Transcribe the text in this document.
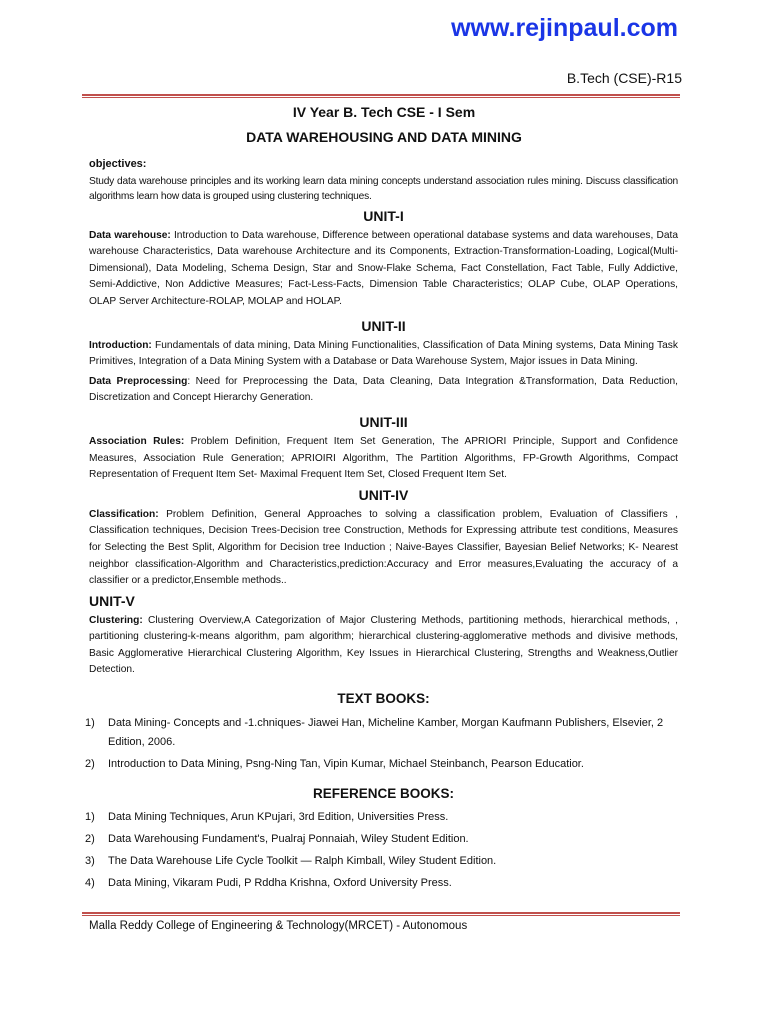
www.rejinpaul.com
B.Tech (CSE)-R15
IV Year B. Tech CSE - I Sem
DATA WAREHOUSING AND DATA MINING
objectives:

Study data warehouse principles and its working learn data mining concepts understand association rules mining. Discuss classification algorithms learn how data is grouped using clustering techniques.

UNIT-I

Data warehouse: Introduction to Data warehouse, Difference between operational database systems and data warehouses, Data warehouse Characteristics, Data warehouse Architecture and its Components, Extraction-Transformation-Loading, Logical(Multi-Dimensional), Data Modeling, Schema Design, Star and Snow-Flake Schema, Fact Constellation, Fact Table, Fully Addictive, Semi-Addictive, Non Addictive Measures; Fact-Less-Facts, Dimension Table Characteristics; OLAP Cube, OLAP Operations, OLAP Server Architecture-ROLAP, MOLAP and HOLAP.

UNIT-II

Introduction: Fundamentals of data mining, Data Mining Functionalities, Classification of Data Mining systems, Data Mining Task Primitives, Integration of a Data Mining System with a Database or Data Warehouse System, Major issues in Data Mining.

Data Preprocessing: Need for Preprocessing the Data, Data Cleaning, Data Integration &Transformation, Data Reduction, Discretization and Concept Hierarchy Generation.

UNIT-III

Association Rules: Problem Definition, Frequent Item Set Generation, The APRIORI Principle, Support and Confidence Measures, Association Rule Generation; APRIOIRI Algorithm, The Partition Algorithms, FP-Growth Algorithms, Compact Representation of Frequent Item Set- Maximal Frequent Item Set, Closed Frequent Item Set.

UNIT-IV

Classification: Problem Definition, General Approaches to solving a classification problem, Evaluation of Classifiers , Classification techniques, Decision Trees-Decision tree Construction, Methods for Expressing attribute test conditions, Measures for Selecting the Best Split, Algorithm for Decision tree Induction ; Naive-Bayes Classifier, Bayesian Belief Networks; K- Nearest neighbor classification-Algorithm and Characteristics,prediction:Accuracy and Error measures,Evaluating the accuracy of a classifier or a predictor,Ensemble methods..

UNIT-V

Clustering: Clustering Overview,A Categorization of Major Clustering Methods, partitioning methods, hierarchical methods, , partitioning clustering-k-means algorithm, pam algorithm; hierarchical clustering-agglomerative methods and divisive methods, Basic Agglomerative Hierarchical Clustering Algorithm, Key Issues in Hierarchical Clustering, Strengths and Weakness,Outlier Detection.

TEXT BOOKS:
1)	Data Mining- Concepts and -1.chniques- Jiawei Han, Micheline Kamber, Morgan Kaufmann Publishers, Elsevier, 2 Edition, 2006.
2)	Introduction to Data Mining, Psng-Ning Tan, Vipin Kumar, Michael Steinbanch, Pearson Educatior.
REFERENCE BOOKS:
1)	Data Mining Techniques, Arun KPujari, 3rd Edition, Universities Press.
2)	Data Warehousing Fundament's, Pualraj Ponnaiah, Wiley Student Edition.
3)	The Data Warehouse Life Cycle Toolkit — Ralph Kimball, Wiley Student Edition.
4)	Data Mining, Vikaram Pudi, P Rddha Krishna, Oxford University Press.
Malla Reddy College of Engineering & Technology(MRCET) - Autonomous
